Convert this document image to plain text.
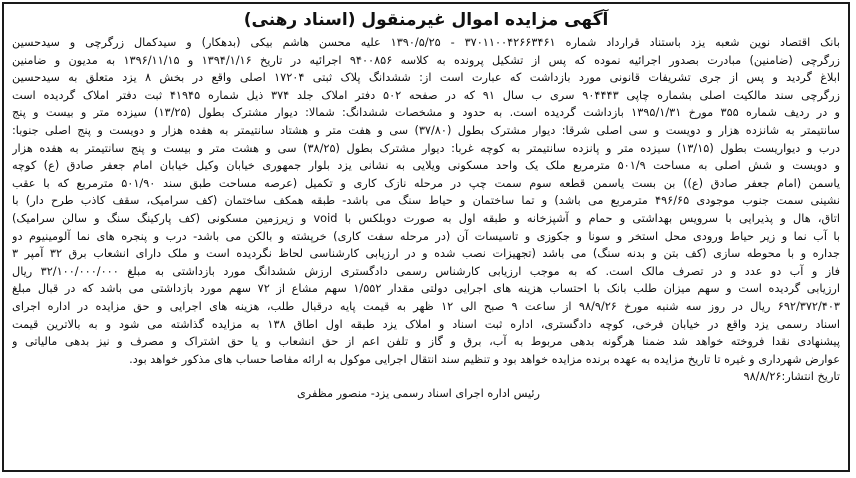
آگهی مزایده اموال غیرمنقول (اسناد رهنی)
بانک اقتصاد نوین شعبه یزد باستناد قرارداد شماره ۳۷۰۱۱۰۰۴۲۶۶۳۴۶۱ - ۱۳۹۰/۵/۲۵ علیه محسن هاشم بیکی (بدهکار) و سیدکمال زرگرچی و سیدحسین
زرگرچی (ضامنین) مبادرت بصدور اجرائیه نموده که پس از تشکیل پرونده به کلاسه ۹۴۰۰۸۵۶ اجرائیه در تاریخ ۱۳۹۴/۱/۱۶ و ۱۳۹۶/۱۱/۱۵ به مدیون و ضامنین
ابلاغ گردید و پس از جری تشریفات قانونی مورد بازداشت که عبارت است از: ششدانگ پلاک ثبتی ۱۷۲۰۴ اصلی واقع در بخش ۸ یزد متعلق به سیدحسین
زرگرچی سند مالکیت اصلی بشماره چاپی ۹۰۴۴۴۳ سری ب سال ۹۱ که در صفحه ۵۰۲ دفتر املاک جلد ۳۷۴ ذیل شماره ۴۱۹۴۵ ثبت دفتر املاک گردیده است
و در ردیف شماره ۳۵۵ مورخ ۱۳۹۵/۱/۳۱ بازداشت گردیده است. به حدود و مشخصات ششدانگ: شمالا: دیوار مشترک بطول (۱۳/۲۵) سیزده متر و بیست و پنج
سانتیمتر به شانزده هزار و دویست و سی اصلی شرقا: دیوار مشترک بطول (۳۷/۸۰) سی و هفت متر و هشتاد سانتیمتر به هفده هزار و دویست و پنج اصلی جنوبا:
درب و دیواریست بطول (۱۳/۱۵) سیزده متر و پانزده سانتیمتر به کوچه غربا: دیوار مشترک بطول (۳۸/۲۵) سی و هشت متر و بیست و پنج سانتیمتر به هفده هزار
و دویست و شش اصلی به مساحت ۵۰۱/۹ مترمربع ملک یک واحد مسکونی ویلایی به نشانی یزد بلوار جمهوری خیابان وکیل خیابان امام جعفر صادق (ع) کوچه
یاسمن (امام جعفر صادق (ع)) بن بست یاسمن قطعه سوم سمت چپ در مرحله نازک کاری و تکمیل (عرصه مساحت طبق سند ۵۰۱/۹۰ مترمربع که با عقب
نشینی سمت جنوب موجودی ۴۹۶/۶۵ مترمربع می باشد) و تما ساختمان و حیاط سنگ می باشد- طبقه همکف ساختمان (کف سرامیک، سقف کاذب طرح دار) با
اتاق، هال و پذیرایی با سرویس بهداشتی و حمام و آشپزخانه و طبقه اول به صورت دوبلکس با void و زیرزمین مسکونی (کف پارکینگ سنگ و سالن سرامیک)
با آب نما و زیر حیاط ورودی محل استخر و سونا و جکوزی و تاسیسات آن (در مرحله سفت کاری) خرپشته و بالکن می باشد- درب و پنجره های نما آلومینیوم دو
جداره و با محوطه سازی (کف بتن و بدنه سنگ) می باشد (تجهیزات نصب شده و در ارزیابی کارشناسی لحاظ نگردیده است و ملک دارای انشعاب برق ۳۲ آمپر ۳
فاز و آب دو عدد و در تصرف مالک است. که به موجب ارزیابی کارشناس رسمی دادگستری ارزش ششدانگ مورد بازداشتی به مبلغ ۳۲/۱۰۰/۰۰۰/۰۰۰ ریال
ارزیابی گردیده است و سهم میزان طلب بانک با احتساب هزینه های اجرایی دولتی مقدار ۱/۵۵۲ سهم مشاع از ۷۲ سهم مورد بازداشتی می باشد که در قبال مبلغ
۶۹۲/۳۷۲/۴۰۳ ریال در روز سه شنبه مورخ ۹۸/۹/۲۶ از ساعت ۹ صبح الی ۱۲ ظهر به قیمت پایه درقبال طلب، هزینه های اجرایی و حق مزایده در اداره اجرای
اسناد رسمی یزد واقع در خیابان فرخی، کوچه دادگستری، اداره ثبت اسناد و املاک یزد طبقه اول اطاق ۱۳۸ به مزایده گذاشته می شود و به بالاترین قیمت
پیشنهادی نقدا فروخته خواهد شد ضمنا هرگونه بدهی مربوط به آب، برق و گاز و تلفن اعم از حق انشعاب و یا حق اشتراک و مصرف و نیز بدهی مالیاتی و
عوارض شهرداری و غیره تا تاریخ مزایده به عهده برنده مزایده خواهد بود و تنظیم سند انتقال اجرایی موکول به ارائه مفاصا حساب های مذکور خواهد بود.
تاریخ انتشار:۹۸/۸/۲۶
رئیس اداره اجرای اسناد رسمی یزد- منصور مظفری
